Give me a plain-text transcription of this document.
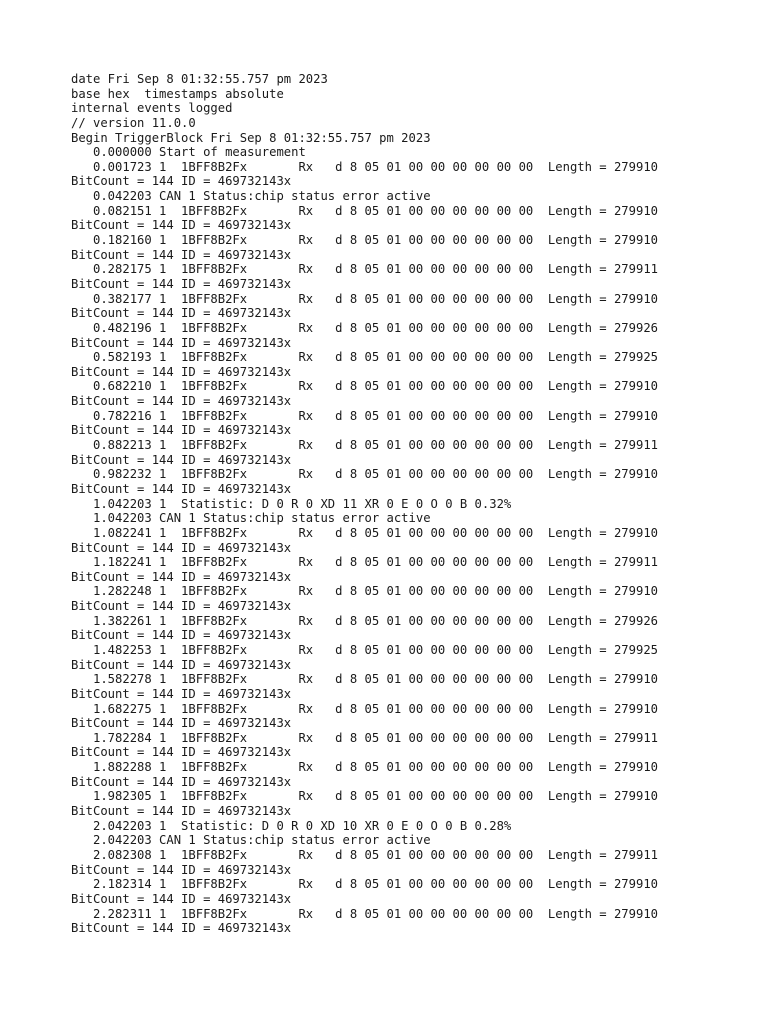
date Fri Sep 8 01:32:55.757 pm 2023
base hex  timestamps absolute
internal events logged
// version 11.0.0
Begin TriggerBlock Fri Sep 8 01:32:55.757 pm 2023
0.000000 Start of measurement
0.001723 1  1BFF8B2Fx       Rx   d 8 05 01 00 00 00 00 00 00  Length = 279910
BitCount = 144 ID = 469732143x
0.042203 CAN 1 Status:chip status error active
0.082151 1  1BFF8B2Fx       Rx   d 8 05 01 00 00 00 00 00 00  Length = 279910
BitCount = 144 ID = 469732143x
0.182160 1  1BFF8B2Fx       Rx   d 8 05 01 00 00 00 00 00 00  Length = 279910
BitCount = 144 ID = 469732143x
0.282175 1  1BFF8B2Fx       Rx   d 8 05 01 00 00 00 00 00 00  Length = 279911
BitCount = 144 ID = 469732143x
0.382177 1  1BFF8B2Fx       Rx   d 8 05 01 00 00 00 00 00 00  Length = 279910
BitCount = 144 ID = 469732143x
0.482196 1  1BFF8B2Fx       Rx   d 8 05 01 00 00 00 00 00 00  Length = 279926
BitCount = 144 ID = 469732143x
0.582193 1  1BFF8B2Fx       Rx   d 8 05 01 00 00 00 00 00 00  Length = 279925
BitCount = 144 ID = 469732143x
0.682210 1  1BFF8B2Fx       Rx   d 8 05 01 00 00 00 00 00 00  Length = 279910
BitCount = 144 ID = 469732143x
0.782216 1  1BFF8B2Fx       Rx   d 8 05 01 00 00 00 00 00 00  Length = 279910
BitCount = 144 ID = 469732143x
0.882213 1  1BFF8B2Fx       Rx   d 8 05 01 00 00 00 00 00 00  Length = 279911
BitCount = 144 ID = 469732143x
0.982232 1  1BFF8B2Fx       Rx   d 8 05 01 00 00 00 00 00 00  Length = 279910
BitCount = 144 ID = 469732143x
1.042203 1  Statistic: D 0 R 0 XD 11 XR 0 E 0 O 0 B 0.32%
1.042203 CAN 1 Status:chip status error active
1.082241 1  1BFF8B2Fx       Rx   d 8 05 01 00 00 00 00 00 00  Length = 279910
BitCount = 144 ID = 469732143x
1.182241 1  1BFF8B2Fx       Rx   d 8 05 01 00 00 00 00 00 00  Length = 279911
BitCount = 144 ID = 469732143x
1.282248 1  1BFF8B2Fx       Rx   d 8 05 01 00 00 00 00 00 00  Length = 279910
BitCount = 144 ID = 469732143x
1.382261 1  1BFF8B2Fx       Rx   d 8 05 01 00 00 00 00 00 00  Length = 279926
BitCount = 144 ID = 469732143x
1.482253 1  1BFF8B2Fx       Rx   d 8 05 01 00 00 00 00 00 00  Length = 279925
BitCount = 144 ID = 469732143x
1.582278 1  1BFF8B2Fx       Rx   d 8 05 01 00 00 00 00 00 00  Length = 279910
BitCount = 144 ID = 469732143x
1.682275 1  1BFF8B2Fx       Rx   d 8 05 01 00 00 00 00 00 00  Length = 279910
BitCount = 144 ID = 469732143x
1.782284 1  1BFF8B2Fx       Rx   d 8 05 01 00 00 00 00 00 00  Length = 279911
BitCount = 144 ID = 469732143x
1.882288 1  1BFF8B2Fx       Rx   d 8 05 01 00 00 00 00 00 00  Length = 279910
BitCount = 144 ID = 469732143x
1.982305 1  1BFF8B2Fx       Rx   d 8 05 01 00 00 00 00 00 00  Length = 279910
BitCount = 144 ID = 469732143x
2.042203 1  Statistic: D 0 R 0 XD 10 XR 0 E 0 O 0 B 0.28%
2.042203 CAN 1 Status:chip status error active
2.082308 1  1BFF8B2Fx       Rx   d 8 05 01 00 00 00 00 00 00  Length = 279911
BitCount = 144 ID = 469732143x
2.182314 1  1BFF8B2Fx       Rx   d 8 05 01 00 00 00 00 00 00  Length = 279910
BitCount = 144 ID = 469732143x
2.282311 1  1BFF8B2Fx       Rx   d 8 05 01 00 00 00 00 00 00  Length = 279910
BitCount = 144 ID = 469732143x
